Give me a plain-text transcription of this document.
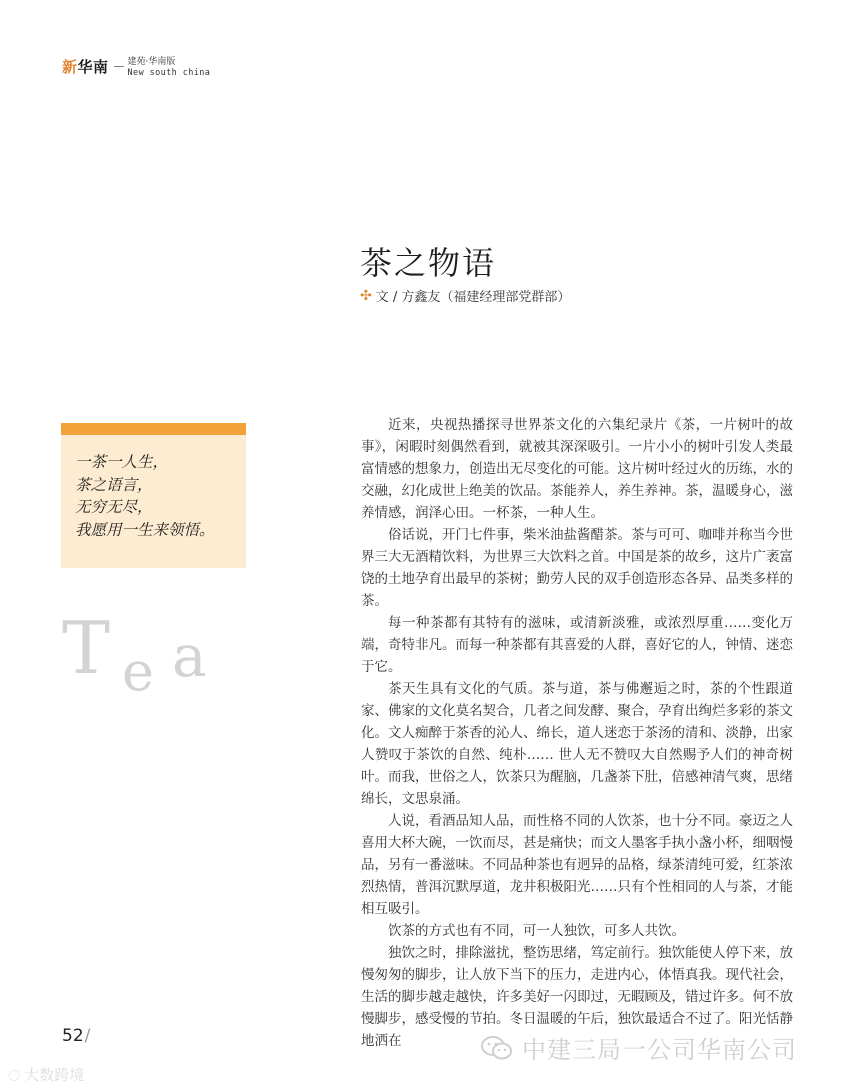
新华南 建苑·华南版
New south china
茶之物语
✣ 文 / 方鑫友（福建经理部党群部）
一茶一人生，
茶之语言，
无穷无尽，
我愿用一生来领悟。
T e a

近来，央视热播探寻世界茶文化的六集纪录片《茶，一片树叶的故事》，闲暇时刻偶然看到，就被其深深吸引。一片小小的树叶引发人类最富情感的想象力，创造出无尽变化的可能。这片树叶经过火的历练，水的交融，幻化成世上绝美的饮品。茶能养人，养生养神。茶，温暖身心，滋养情感，润泽心田。一杯茶，一种人生。

俗话说，开门七件事，柴米油盐酱醋茶。茶与可可、咖啡并称当今世界三大无酒精饮料，为世界三大饮料之首。中国是茶的故乡，这片广袤富饶的土地孕育出最早的茶树；勤劳人民的双手创造形态各异、品类多样的茶。

每一种茶都有其特有的滋味，或清新淡雅，或浓烈厚重……变化万端，奇特非凡。而每一种茶都有其喜爱的人群，喜好它的人，钟情、迷恋于它。

茶天生具有文化的气质。茶与道，茶与佛邂逅之时，茶的个性跟道家、佛家的文化莫名契合，几者之间发酵、聚合，孕育出绚烂多彩的茶文化。文人痴醉于茶香的沁人、绵长，道人迷恋于茶汤的清和、淡静，出家人赞叹于茶饮的自然、纯朴…… 世人无不赞叹大自然赐予人们的神奇树叶。而我，世俗之人，饮茶只为醒脑，几盏茶下肚，倍感神清气爽，思绪绵长，文思泉涌。

人说，看酒品知人品，而性格不同的人饮茶，也十分不同。豪迈之人喜用大杯大碗，一饮而尽，甚是痛快；而文人墨客手执小盏小杯，细咽慢品，另有一番滋味。不同品种茶也有迥异的品格，绿茶清纯可爱，红茶浓烈热情，普洱沉默厚道，龙井积极阳光……只有个性相同的人与茶，才能相互吸引。

饮茶的方式也有不同，可一人独饮，可多人共饮。

独饮之时，排除滋扰，整饬思绪，笃定前行。独饮能使人停下来，放慢匆匆的脚步，让人放下当下的压力，走进内心，体悟真我。现代社会，生活的脚步越走越快，许多美好一闪即过，无暇顾及，错过许多。何不放慢脚步，感受慢的节拍。冬日温暖的午后，独饮最适合不过了。阳光恬静地洒在

52/	中建三局一公司华南公司
◌ 大数跨境
